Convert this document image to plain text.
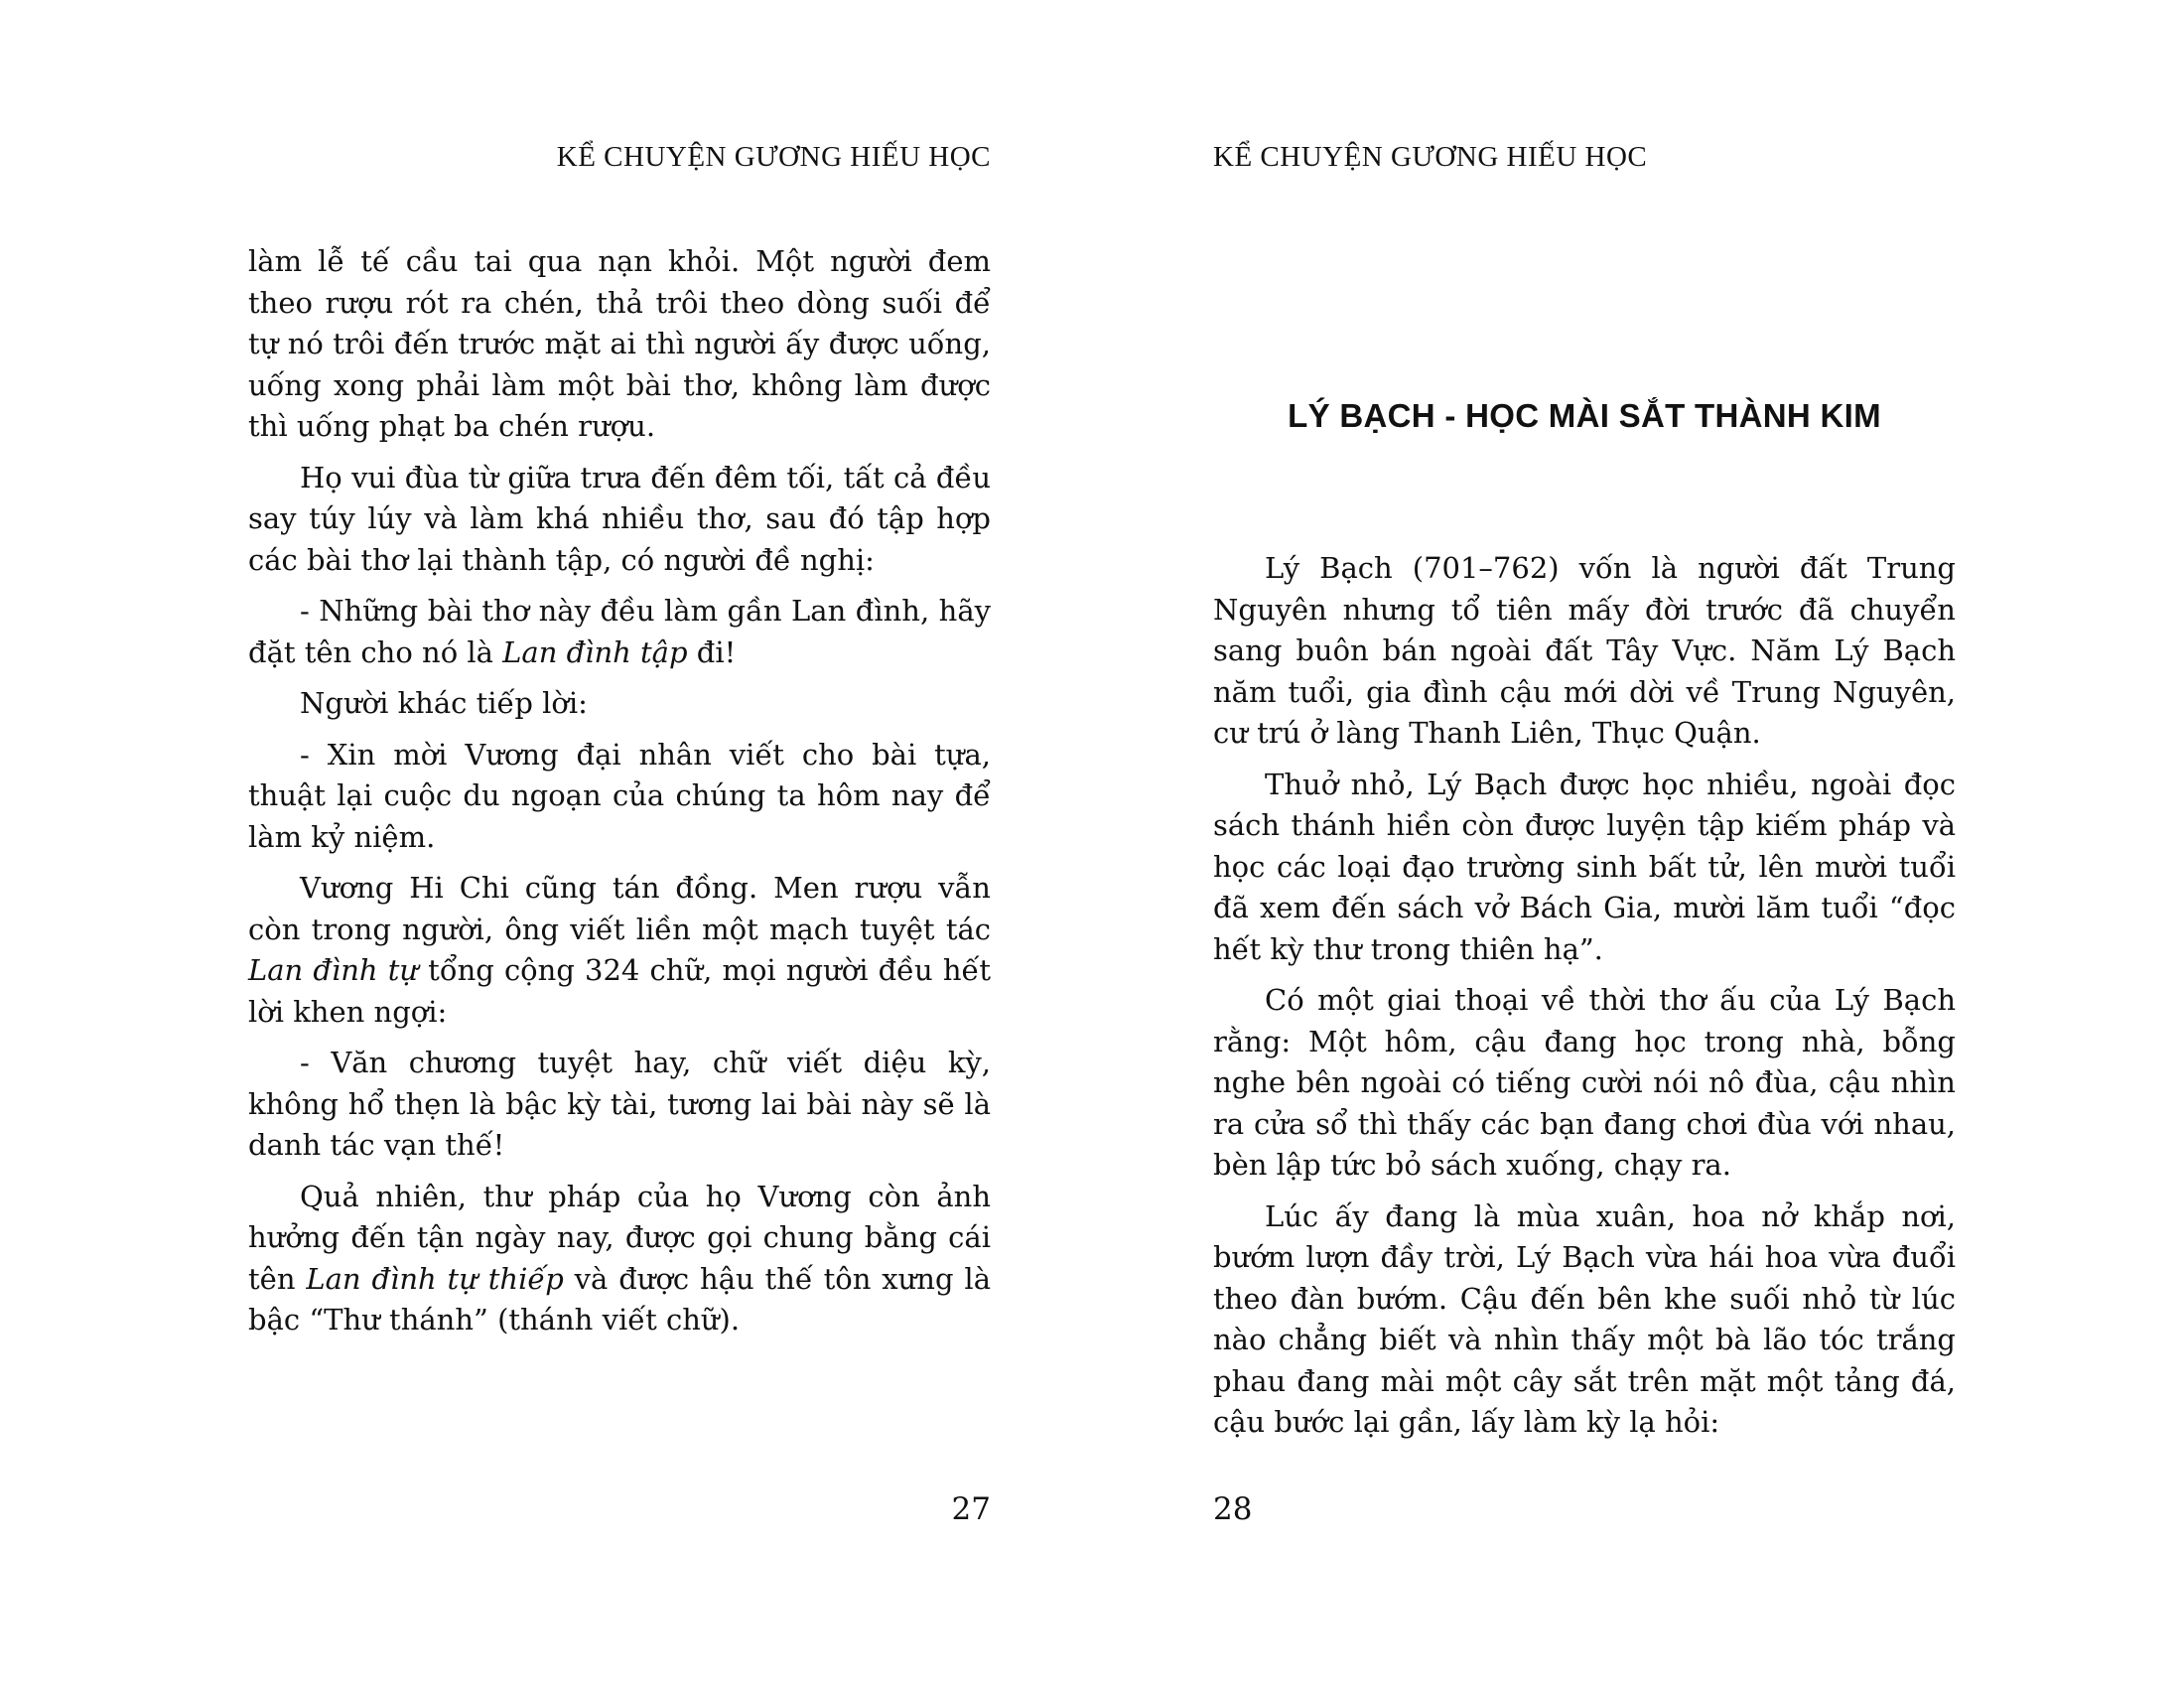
KỂ CHUYỆN GƯƠNG HIẾU HỌC

làm lễ tế cầu tai qua nạn khỏi. Một người đem theo rượu rót ra chén, thả trôi theo dòng suối để tự nó trôi đến trước mặt ai thì người ấy được uống, uống xong phải làm một bài thơ, không làm được thì uống phạt ba chén rượu.

Họ vui đùa từ giữa trưa đến đêm tối, tất cả đều say túy lúy và làm khá nhiều thơ, sau đó tập hợp các bài thơ lại thành tập, có người đề nghị:

- Những bài thơ này đều làm gần Lan đình, hãy đặt tên cho nó là Lan đình tập đi!

Người khác tiếp lời:

- Xin mời Vương đại nhân viết cho bài tựa, thuật lại cuộc du ngoạn của chúng ta hôm nay để làm kỷ niệm.

Vương Hi Chi cũng tán đồng. Men rượu vẫn còn trong người, ông viết liền một mạch tuyệt tác Lan đình tự tổng cộng 324 chữ, mọi người đều hết lời khen ngợi:

- Văn chương tuyệt hay, chữ viết diệu kỳ, không hổ thẹn là bậc kỳ tài, tương lai bài này sẽ là danh tác vạn thế!

Quả nhiên, thư pháp của họ Vương còn ảnh hưởng đến tận ngày nay, được gọi chung bằng cái tên Lan đình tự thiếp và được hậu thế tôn xưng là bậc “Thư thánh” (thánh viết chữ).

27
KỂ CHUYỆN GƯƠNG HIẾU HỌC
LÝ BẠCH - HỌC MÀI SẮT THÀNH KIM

Lý Bạch (701–762) vốn là người đất Trung Nguyên nhưng tổ tiên mấy đời trước đã chuyển sang buôn bán ngoài đất Tây Vực. Năm Lý Bạch năm tuổi, gia đình cậu mới dời về Trung Nguyên, cư trú ở làng Thanh Liên, Thục Quận.

Thuở nhỏ, Lý Bạch được học nhiều, ngoài đọc sách thánh hiền còn được luyện tập kiếm pháp và học các loại đạo trường sinh bất tử, lên mười tuổi đã xem đến sách vở Bách Gia, mười lăm tuổi “đọc hết kỳ thư trong thiên hạ”.

Có một giai thoại về thời thơ ấu của Lý Bạch rằng: Một hôm, cậu đang học trong nhà, bỗng nghe bên ngoài có tiếng cười nói nô đùa, cậu nhìn ra cửa sổ thì thấy các bạn đang chơi đùa với nhau, bèn lập tức bỏ sách xuống, chạy ra.

Lúc ấy đang là mùa xuân, hoa nở khắp nơi, bướm lượn đầy trời, Lý Bạch vừa hái hoa vừa đuổi theo đàn bướm. Cậu đến bên khe suối nhỏ từ lúc nào chẳng biết và nhìn thấy một bà lão tóc trắng phau đang mài một cây sắt trên mặt một tảng đá, cậu bước lại gần, lấy làm kỳ lạ hỏi:

28
